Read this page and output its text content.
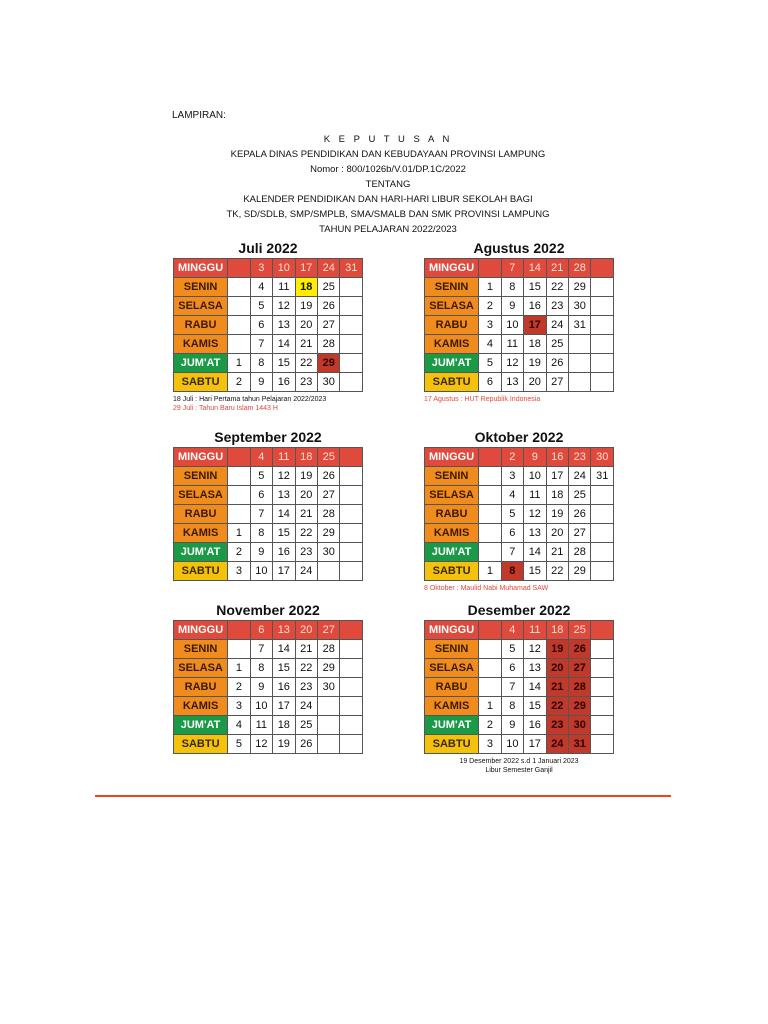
LAMPIRAN:
K E P U T U S A N
KEPALA DINAS PENDIDIKAN DAN KEBUDAYAAN PROVINSI LAMPUNG
Nomor : 800/1026b/V.01/DP.1C/2022
TENTANG
KALENDER PENDIDIKAN DAN HARI-HARI LIBUR SEKOLAH BAGI
TK, SD/SDLB, SMP/SMPLB, SMA/SMALB DAN SMK PROVINSI LAMPUNG
TAHUN PELAJARAN 2022/2023
Juli 2022
MINGGU		3	10	17	24	31
SENIN		4	11	18	25	
SELASA		5	12	19	26	
RABU		6	13	20	27	
KAMIS		7	14	21	28	
JUM'AT	1	8	15	22	29	
SABTU	2	9	16	23	30	
18 Juli : Hari Pertama tahun Pelajaran 2022/2023
29 Juli : Tahun Baru Islam 1443 H
Agustus 2022
MINGGU		7	14	21	28	
SENIN	1	8	15	22	29	
SELASA	2	9	16	23	30	
RABU	3	10	17	24	31	
KAMIS	4	11	18	25		
JUM'AT	5	12	19	26		
SABTU	6	13	20	27		
17 Agustus : HUT Republik Indonesia
September 2022
MINGGU		4	11	18	25	
SENIN		5	12	19	26	
SELASA		6	13	20	27	
RABU		7	14	21	28	
KAMIS	1	8	15	22	29	
JUM'AT	2	9	16	23	30	
SABTU	3	10	17	24		
Oktober 2022
MINGGU		2	9	16	23	30
SENIN		3	10	17	24	31
SELASA		4	11	18	25	
RABU		5	12	19	26	
KAMIS		6	13	20	27	
JUM'AT		7	14	21	28	
SABTU	1	8	15	22	29	
8 Oktober : Maulid Nabi Muhamad SAW
November 2022
MINGGU		6	13	20	27	
SENIN		7	14	21	28	
SELASA	1	8	15	22	29	
RABU	2	9	16	23	30	
KAMIS	3	10	17	24		
JUM'AT	4	11	18	25		
SABTU	5	12	19	26		
Desember 2022
MINGGU		4	11	18	25	
SENIN		5	12	19	26	
SELASA		6	13	20	27	
RABU		7	14	21	28	
KAMIS	1	8	15	22	29	
JUM'AT	2	9	16	23	30	
SABTU	3	10	17	24	31	
19 Desember 2022 s.d 1 Januari 2023
Libur Semester Ganjil
